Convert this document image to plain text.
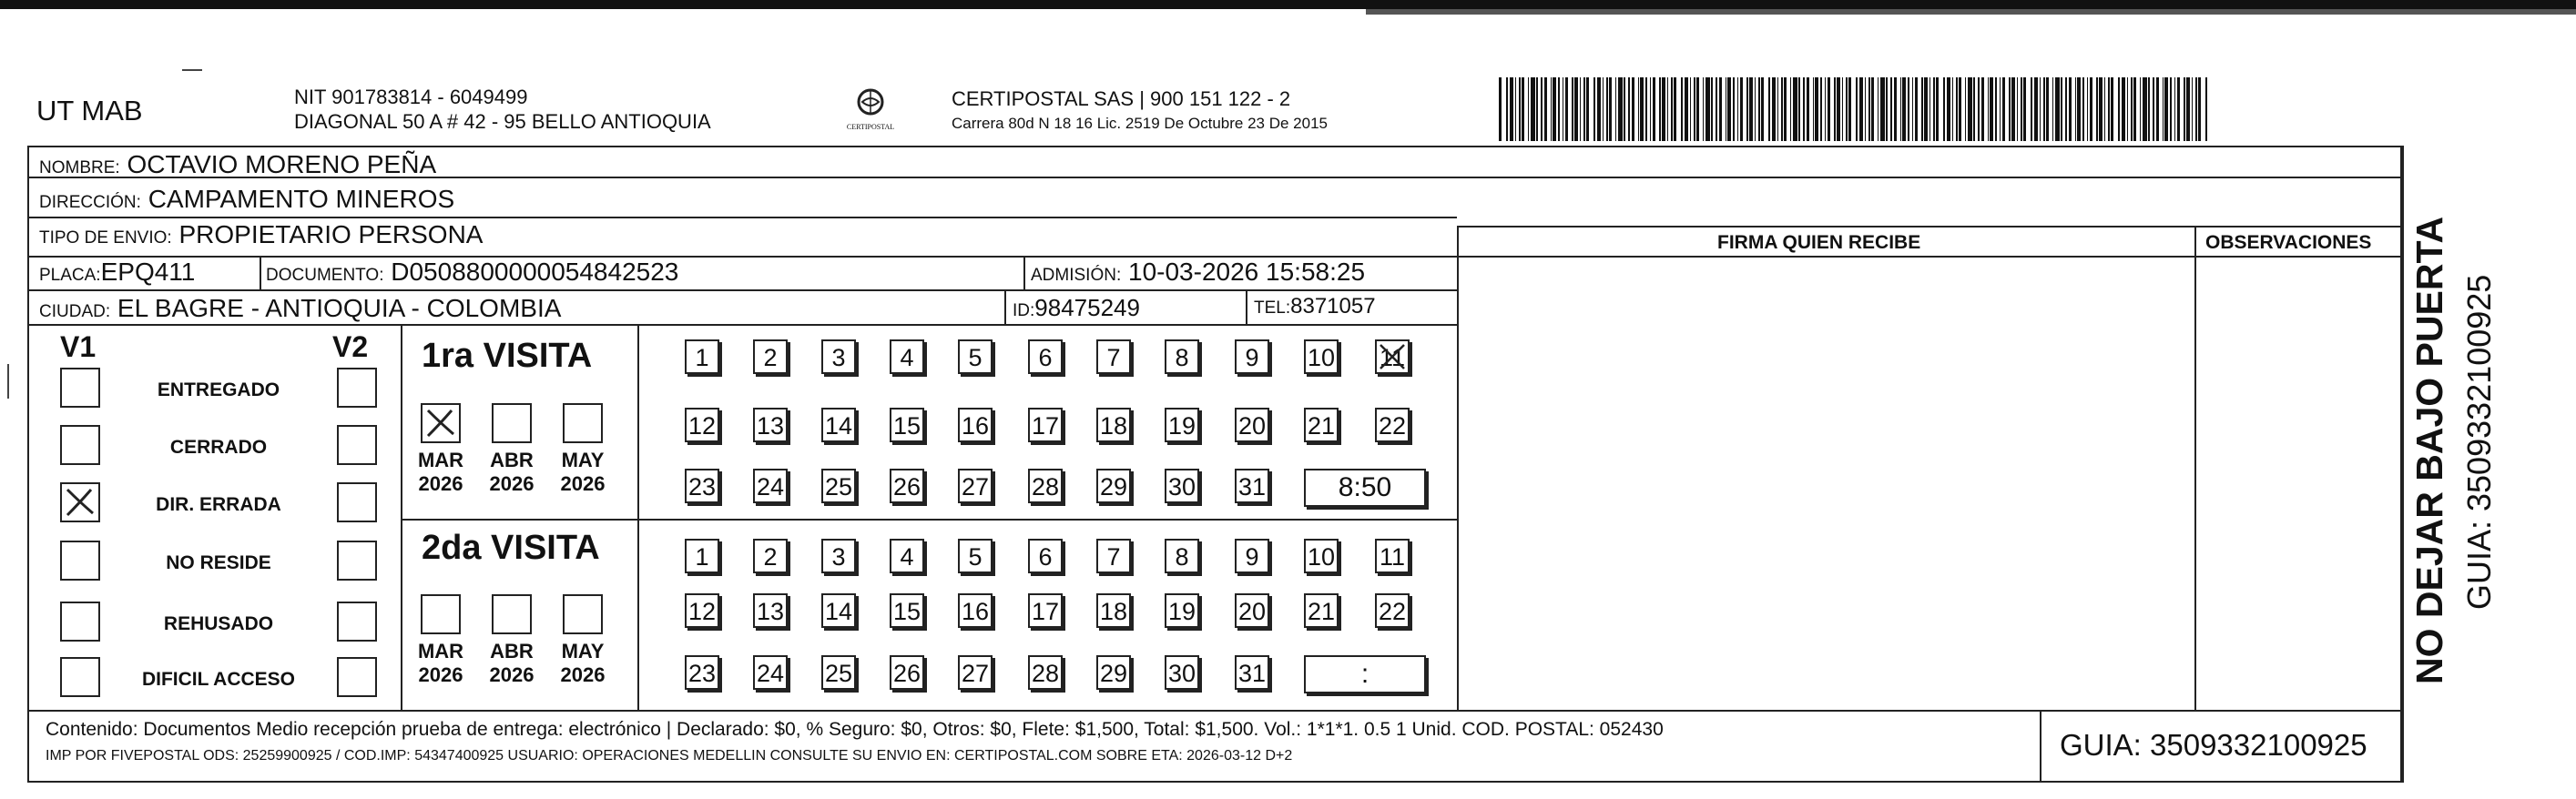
UT MAB	NIT 901783814 - 6049499
DIAGONAL 50 A # 42 - 95 BELLO ANTIOQUIA	CERTIPOSTAL
CERTIPOSTAL SAS | 900 151 122 - 2
Carrera 80d N 18 16 Lic. 2519 De Octubre 23 De 2015
NOMBRE: OCTAVIO MORENO PEÑA
DIRECCIÓN: CAMPAMENTO MINEROS
TIPO DE ENVIO: PROPIETARIO PERSONA
PLACA:EPQ411	DOCUMENTO: D0508800000054842523	ADMISIÓN: 10-03-2026 15:58:25
CIUDAD: EL BAGRE - ANTIOQUIA - COLOMBIA	ID:98475249	TEL:8371057
FIRMA QUIEN RECIBE	OBSERVACIONES
V1	V2 1ra VISITA
2da VISITA
Contenido: Documentos Medio recepción prueba de entrega: electrónico | Declarado: $0, % Seguro: $0, Otros: $0, Flete: $1,500, Total: $1,500. Vol.: 1*1*1. 0.5 1 Unid. COD. POSTAL: 052430
IMP POR FIVEPOSTAL ODS: 25259900925 / COD.IMP: 54347400925 USUARIO: OPERACIONES MEDELLIN CONSULTE SU ENVIO EN: CERTIPOSTAL.COM SOBRE ETA: 2026-03-12 D+2	GUIA: 3509332100925
NO DEJAR BAJO PUERTA GUIA: 3509332100925
ENTREGADO
CERRADO
DIR. ERRADA
NO RESIDE
REHUSADO
DIFICIL ACCESO
MAR
2026
ABR
2026
MAY
2026
MAR
2026
ABR
2026
MAY
2026
1	2	3	4	5	6	7	8	9	10 11
12 13 14 15 16 17 18 19 20 21 22
23 24 25 26 27 28 29 30 31	8:50
1	2	3	4	5	6	7	8	9	10 11
12 13 14 15 16 17 18 19 20 21 22
23 24 25 26 27 28 29 30 31	:
